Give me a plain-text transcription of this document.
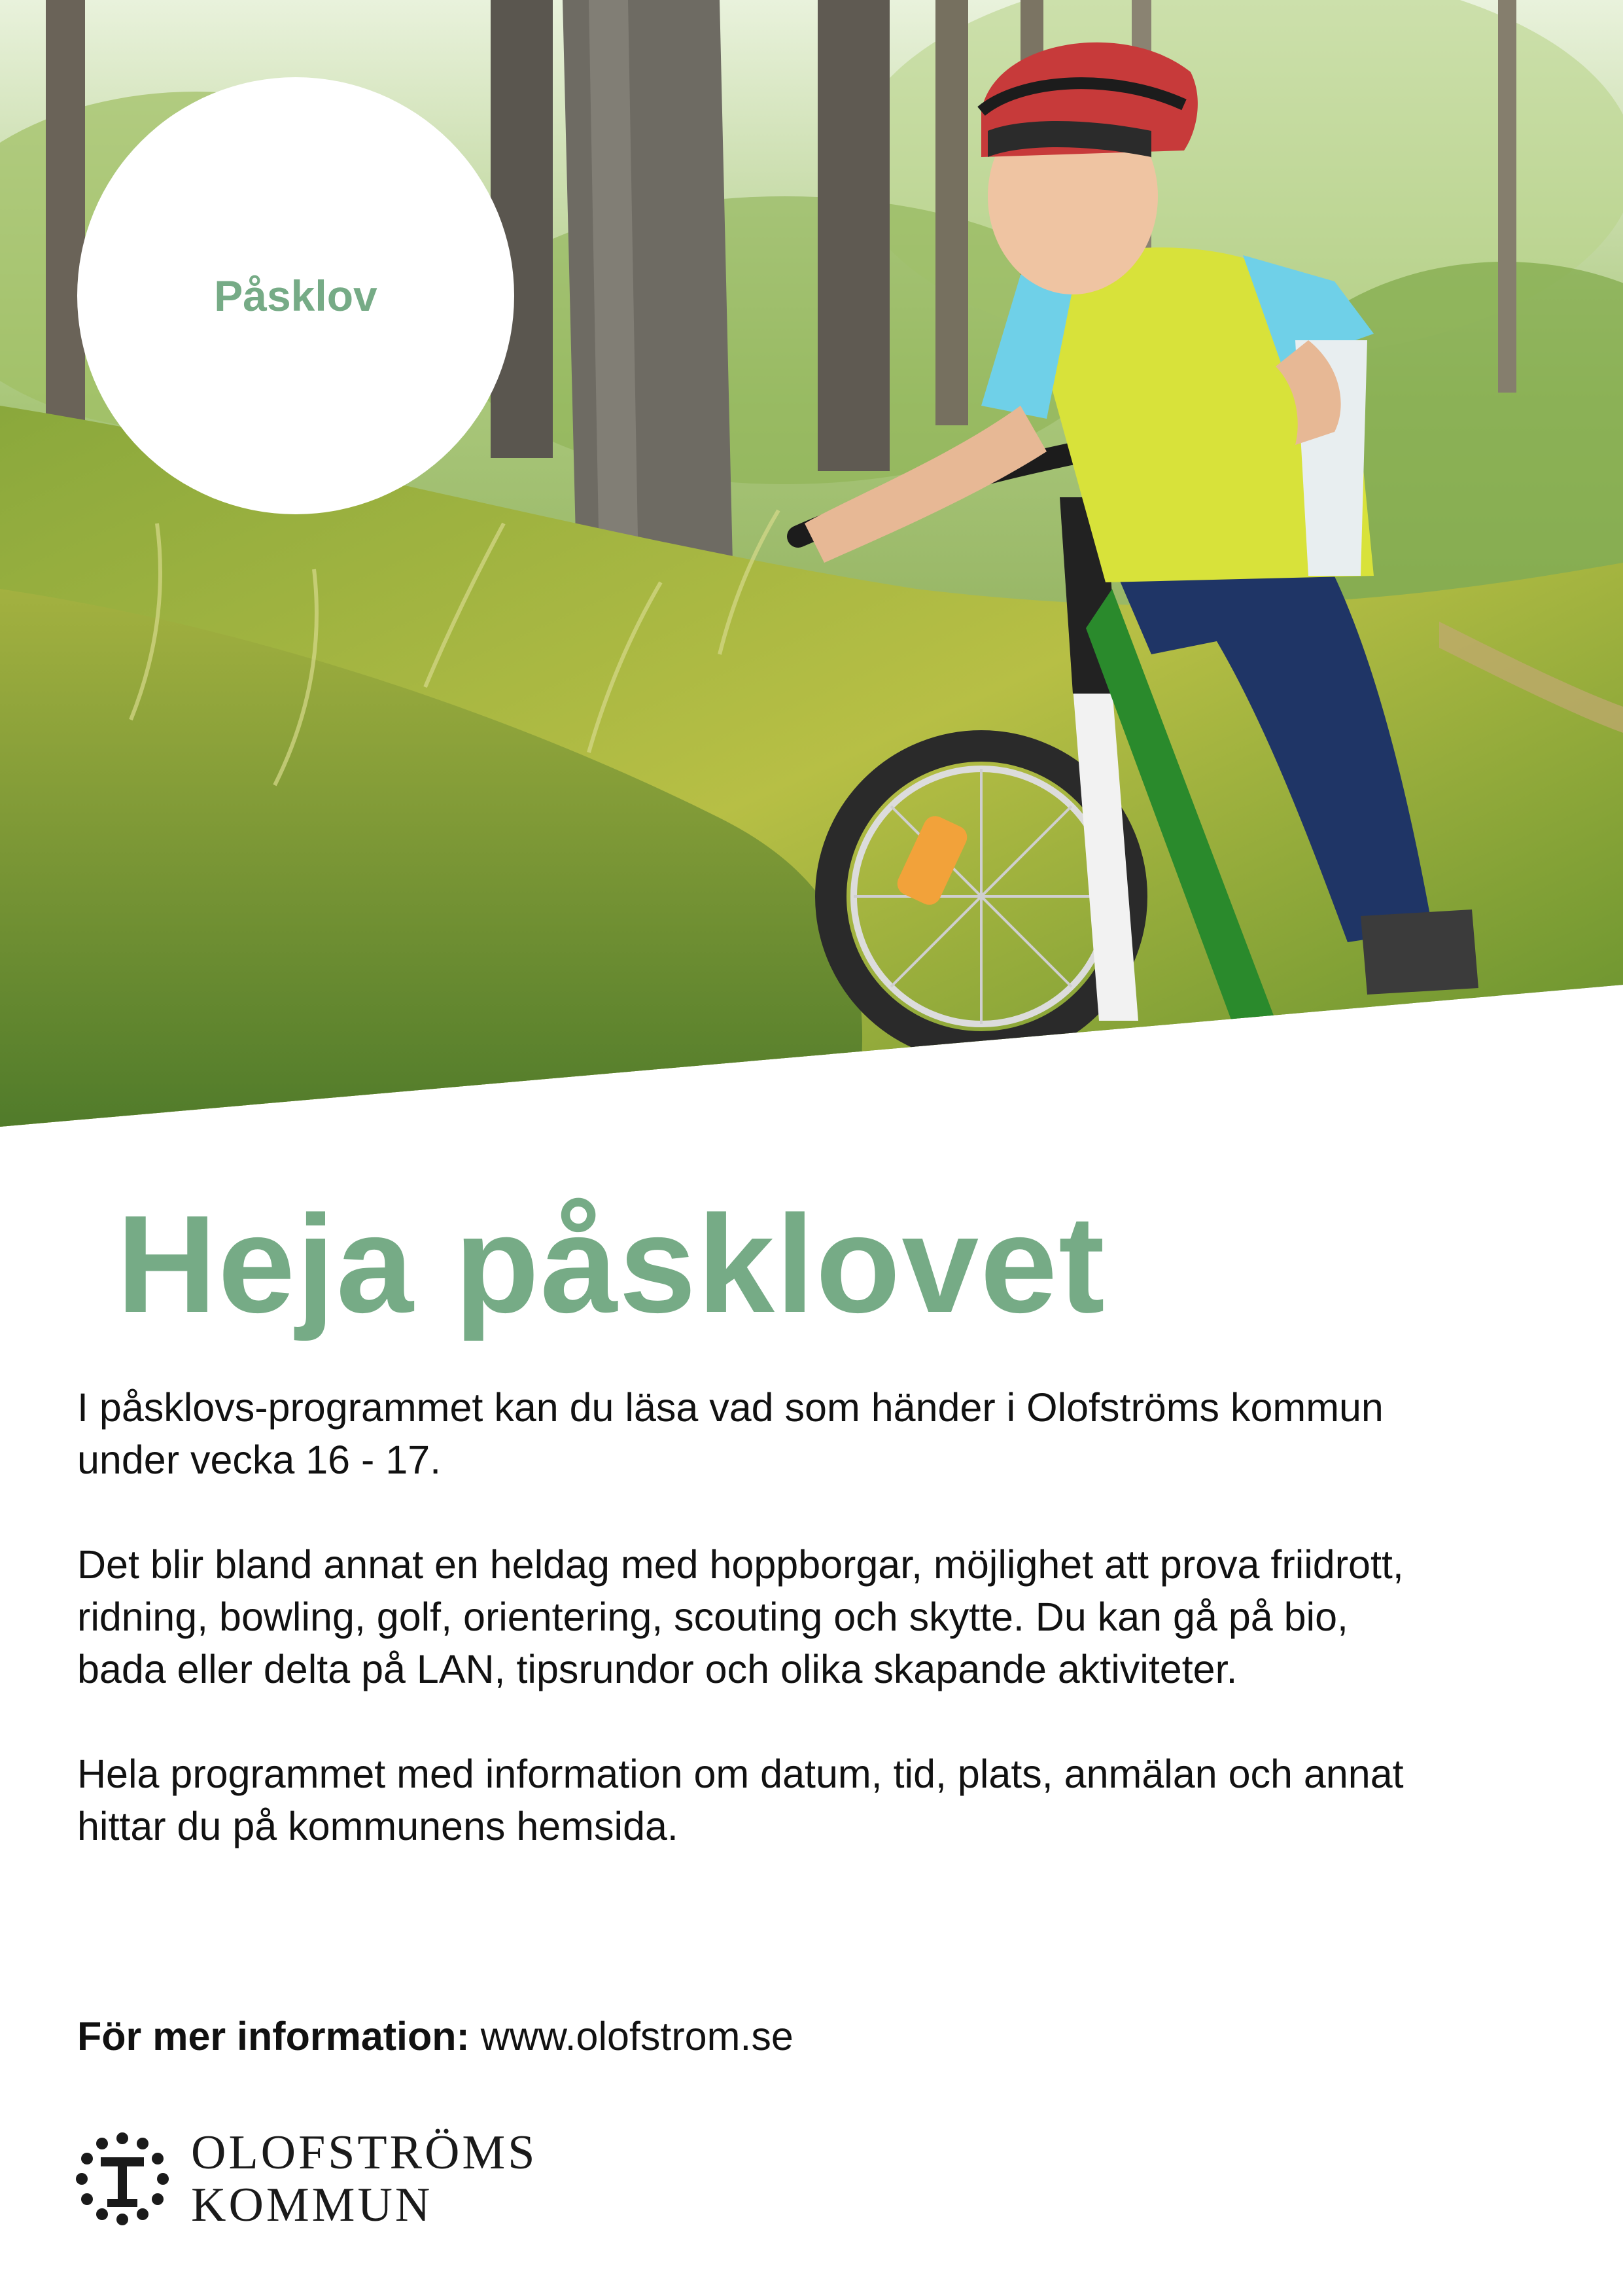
Påsklov
Heja påsklovet
I påsklovs-programmet kan du läsa vad som händer i Olofströms kommun
under vecka 16 - 17.
Det blir bland annat en heldag med hoppborgar, möjlighet att prova friidrott,
ridning, bowling, golf, orientering, scouting och skytte. Du kan gå på bio,
bada eller delta på LAN, tipsrundor och olika skapande aktiviteter.
Hela programmet med information om datum, tid, plats, anmälan och annat
hittar du på kommunens hemsida.

För mer information: www.olofstrom.se

OLOFSTRÖMS
KOMMUN
